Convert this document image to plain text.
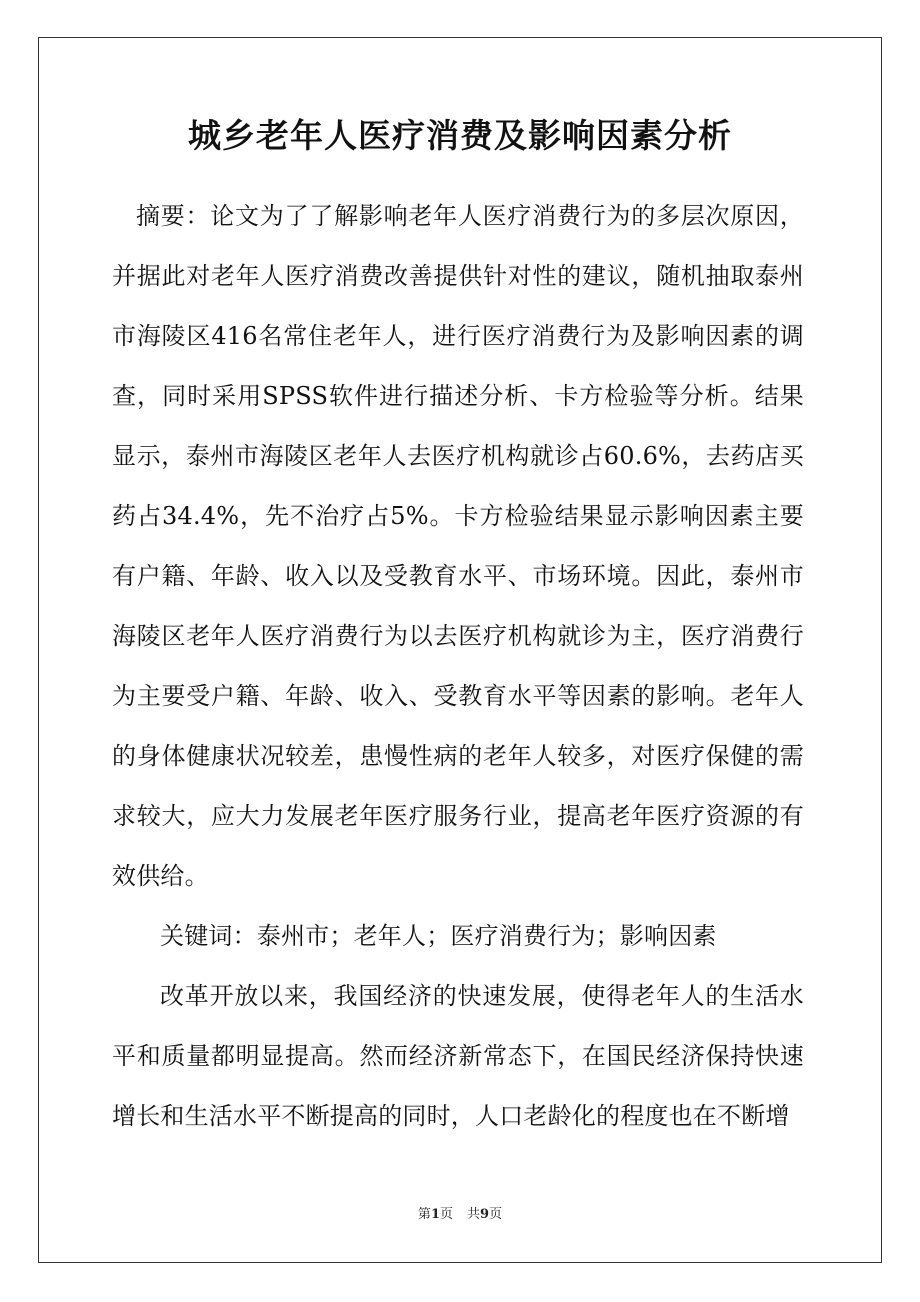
城乡老年人医疗消费及影响因素分析

摘要：论文为了了解影响老年人医疗消费行为的多层次原因，并据此对老年人医疗消费改善提供针对性的建议，随机抽取泰州市海陵区416名常住老年人，进行医疗消费行为及影响因素的调查，同时采用SPSS软件进行描述分析、卡方检验等分析。结果显示，泰州市海陵区老年人去医疗机构就诊占60.6%，去药店买药占34.4%，先不治疗占5%。卡方检验结果显示影响因素主要有户籍、年龄、收入以及受教育水平、市场环境。因此，泰州市海陵区老年人医疗消费行为以去医疗机构就诊为主，医疗消费行为主要受户籍、年龄、收入、受教育水平等因素的影响。老年人的身体健康状况较差，患慢性病的老年人较多，对医疗保健的需求较大，应大力发展老年医疗服务行业，提高老年医疗资源的有效供给。

关键词：泰州市；老年人；医疗消费行为；影响因素

改革开放以来，我国经济的快速发展，使得老年人的生活水平和质量都明显提高。然而经济新常态下，在国民经济保持快速增长和生活水平不断提高的同时，人口老龄化的程度也在不断增

第1页 共9页
